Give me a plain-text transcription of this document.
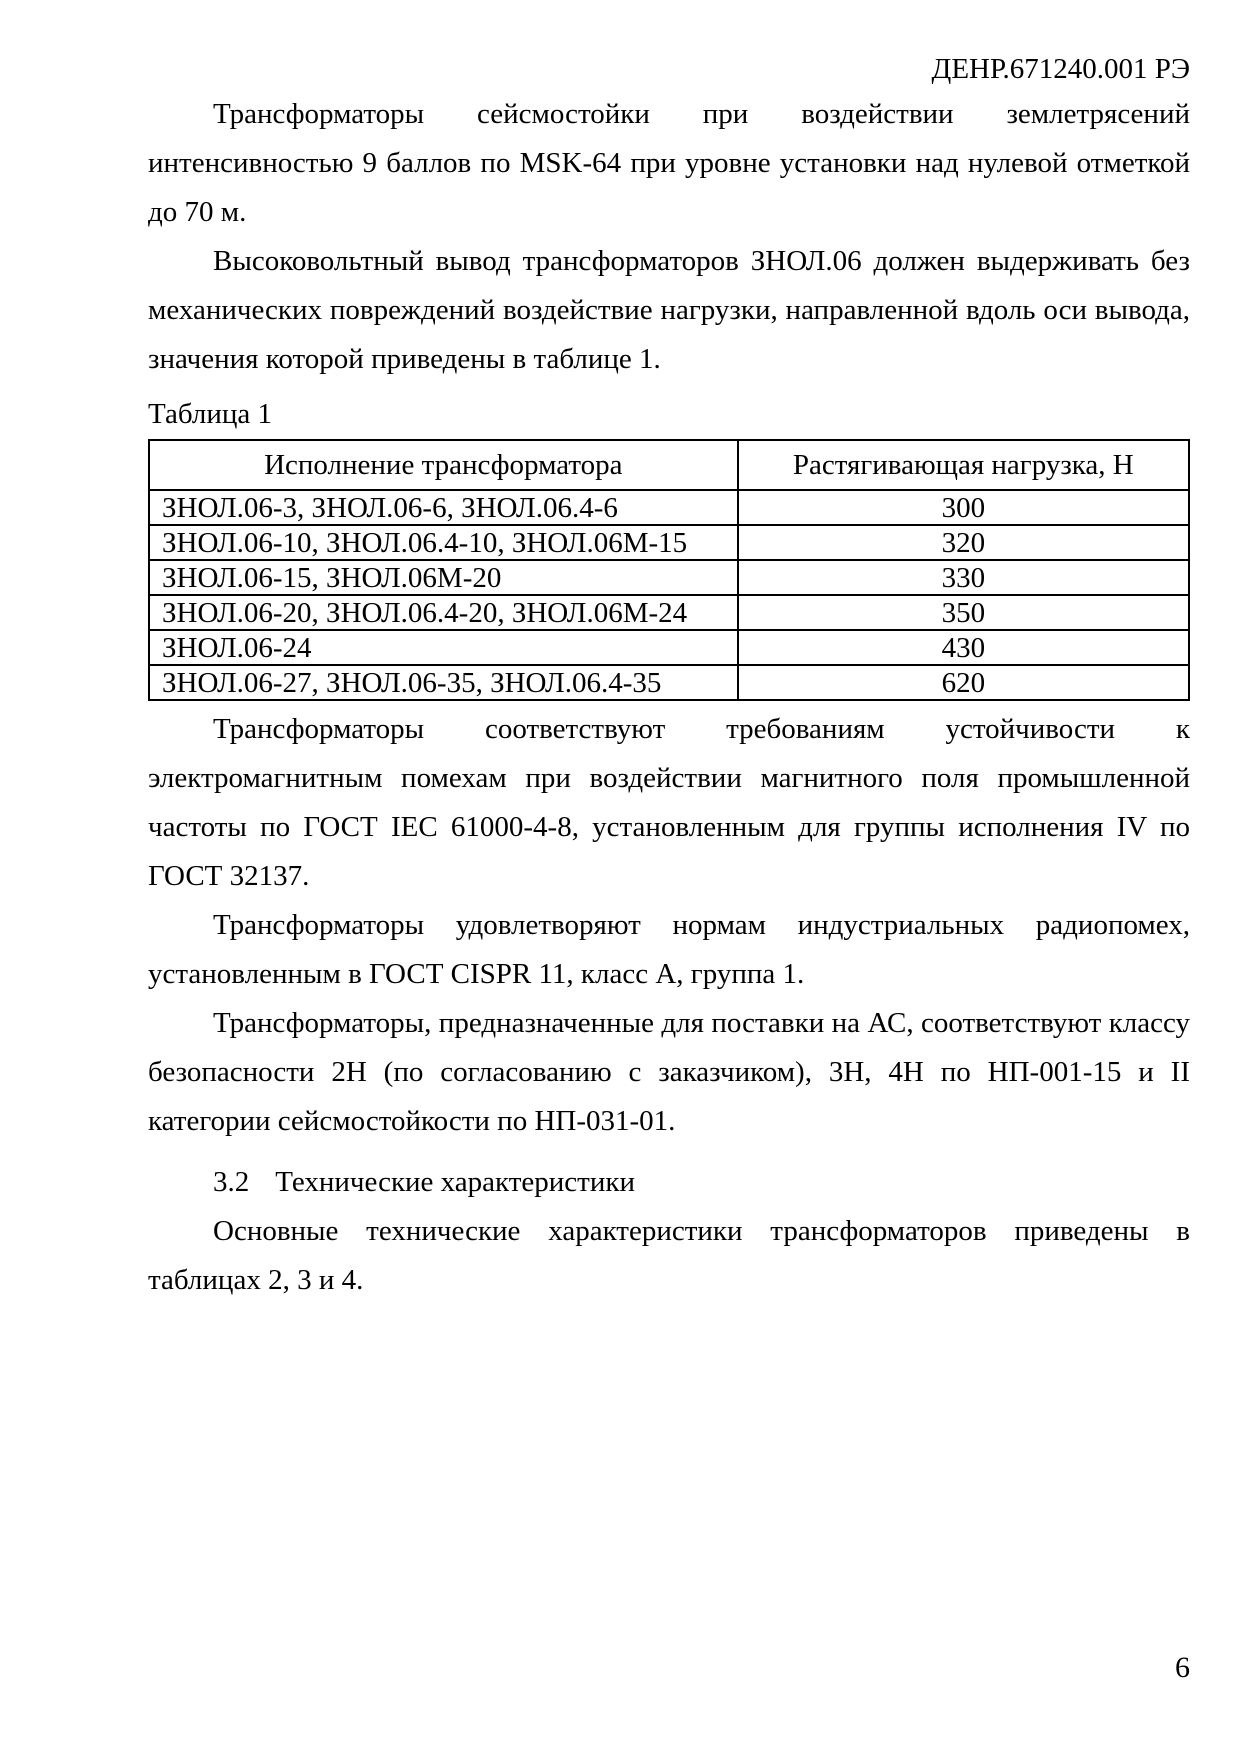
ДЕНР.671240.001 РЭ

Трансформаторы сейсмостойки при воздействии землетрясений интенсивностью 9 баллов по MSK-64 при уровне установки над нулевой отметкой до 70 м.

Высоковольтный вывод трансформаторов ЗНОЛ.06 должен выдерживать без механических повреждений воздействие нагрузки, направленной вдоль оси вывода, значения которой приведены в таблице 1.

Таблица 1
Исполнение трансформатора	Растягивающая нагрузка, Н
ЗНОЛ.06-3, ЗНОЛ.06-6, ЗНОЛ.06.4-6	300
ЗНОЛ.06-10, ЗНОЛ.06.4-10, ЗНОЛ.06М-15	320
ЗНОЛ.06-15, ЗНОЛ.06М-20	330
ЗНОЛ.06-20, ЗНОЛ.06.4-20, ЗНОЛ.06М-24	350
ЗНОЛ.06-24	430
ЗНОЛ.06-27, ЗНОЛ.06-35, ЗНОЛ.06.4-35	620

Трансформаторы соответствуют требованиям устойчивости к электромагнитным помехам при воздействии магнитного поля промышленной частоты по ГОСТ IEC 61000-4-8, установленным для группы исполнения IV по ГОСТ 32137.

Трансформаторы удовлетворяют нормам индустриальных радиопомех, установленным в ГОСТ CISPR 11, класс А, группа 1.

Трансформаторы, предназначенные для поставки на АС, соответствуют классу безопасности 2Н (по согласованию с заказчиком), 3Н, 4Н по НП-001-15 и II категории сейсмостойкости по НП-031-01.

3.2 Технические характеристики

Основные технические характеристики трансформаторов приведены в таблицах 2, 3 и 4.

6
